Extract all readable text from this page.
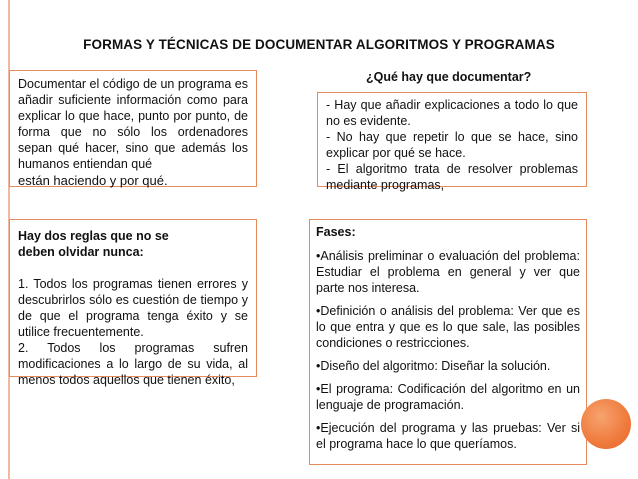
FORMAS Y TÉCNICAS DE DOCUMENTAR ALGORITMOS Y PROGRAMAS

Documentar el código de un programa es añadir suficiente información como para explicar lo que hace, punto por punto, de forma que no sólo los ordenadores sepan qué hacer, sino que además los humanos entiendan qué

están haciendo y por qué.

¿Qué hay que documentar?

- Hay que añadir explicaciones a todo lo que no es evidente.

- No hay que repetir lo que se hace, sino explicar por qué se hace.

- El algoritmo trata de resolver problemas mediante programas,

Hay dos reglas que no se deben olvidar nunca:

1. Todos los programas tienen errores y descubrirlos sólo es cuestión de tiempo y de que el programa tenga éxito y se utilice frecuentemente.

2. Todos los programas sufren modificaciones a lo largo de su vida, al menos todos aquellos que tienen éxito,

Fases:

•Análisis preliminar o evaluación del problema: Estudiar el problema en general y ver que parte nos interesa.

•Definición o análisis del problema: Ver que es lo que entra y que es lo que sale, las posibles condiciones o restricciones.

•Diseño del algoritmo: Diseñar la solución.

•El programa: Codificación del algoritmo en un lenguaje de programación.

•Ejecución del programa y las pruebas: Ver si el programa hace lo que queríamos.
